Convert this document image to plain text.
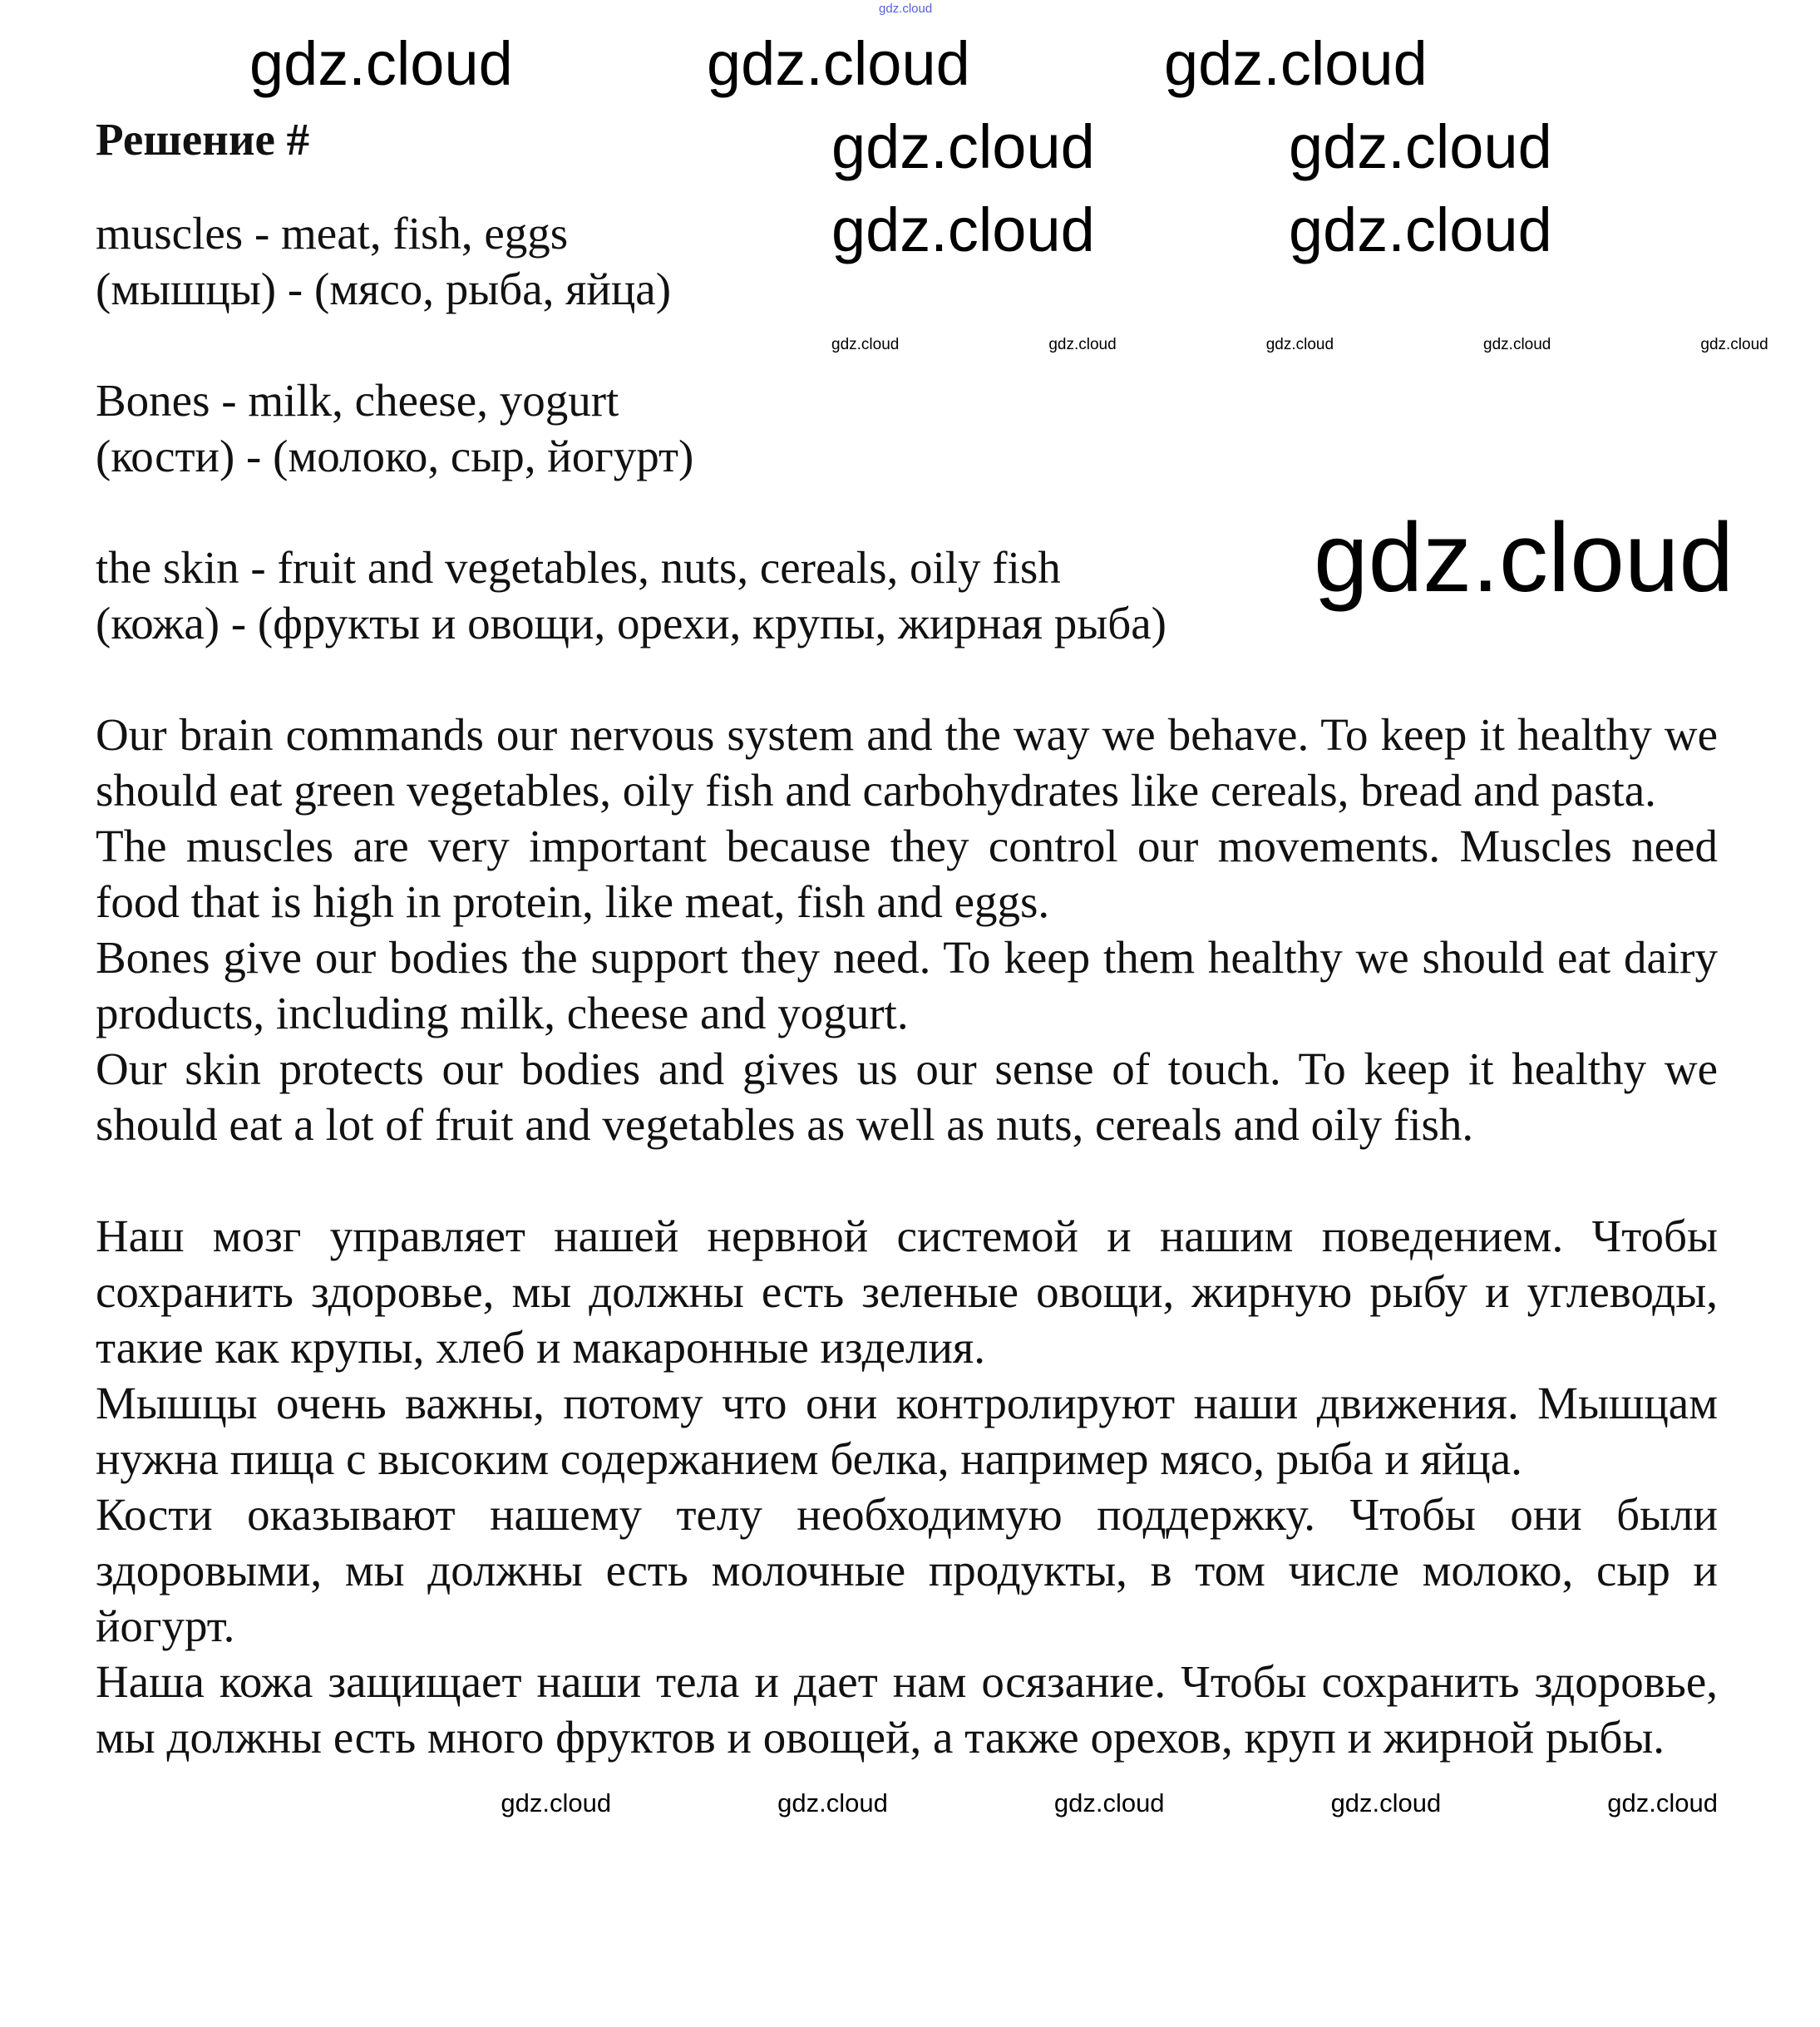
gdz.cloud
gdz.cloud	gdz.cloud	gdz.cloud
gdz.cloud	gdz.cloud
gdz.cloud	gdz.cloud
gdz.cloud
Решение #
muscles - meat, fish, eggs
(мышцы) - (мясо, рыба, яйца)
gdz.cloud	gdz.cloud	gdz.cloud	gdz.cloud	gdz.cloud
Bones - milk, cheese, yogurt
(кости) - (молоко, сыр, йогурт)
the skin - fruit and vegetables, nuts, cereals, oily fish
(кожа) - (фрукты и овощи, орехи, крупы, жирная рыба)
Our brain commands our nervous system and the way we behave. To keep it healthy we should eat green vegetables, oily fish and carbohydrates like cereals, bread and pasta.
The muscles are very important because they control our movements. Muscles need food that is high in protein, like meat, fish and eggs.
Bones give our bodies the support they need. To keep them healthy we should eat dairy products, including milk, cheese and yogurt.
Our skin protects our bodies and gives us our sense of touch. To keep it healthy we should eat a lot of fruit and vegetables as well as nuts, cereals and oily fish.
Наш мозг управляет нашей нервной системой и нашим поведением. Чтобы сохранить здоровье, мы должны есть зеленые овощи, жирную рыбу и углеводы, такие как крупы, хлеб и макаронные изделия.
Мышцы очень важны, потому что они контролируют наши движения. Мышцам нужна пища с высоким содержанием белка, например мясо, рыба и яйца.
Кости оказывают нашему телу необходимую поддержку. Чтобы они были здоровыми, мы должны есть молочные продукты, в том числе молоко, сыр и йогурт.
Наша кожа защищает наши тела и дает нам осязание. Чтобы сохранить здоровье, мы должны есть много фруктов и овощей, а также орехов, круп и жирной рыбы.
gdz.cloud	gdz.cloud	gdz.cloud	gdz.cloud	gdz.cloud
